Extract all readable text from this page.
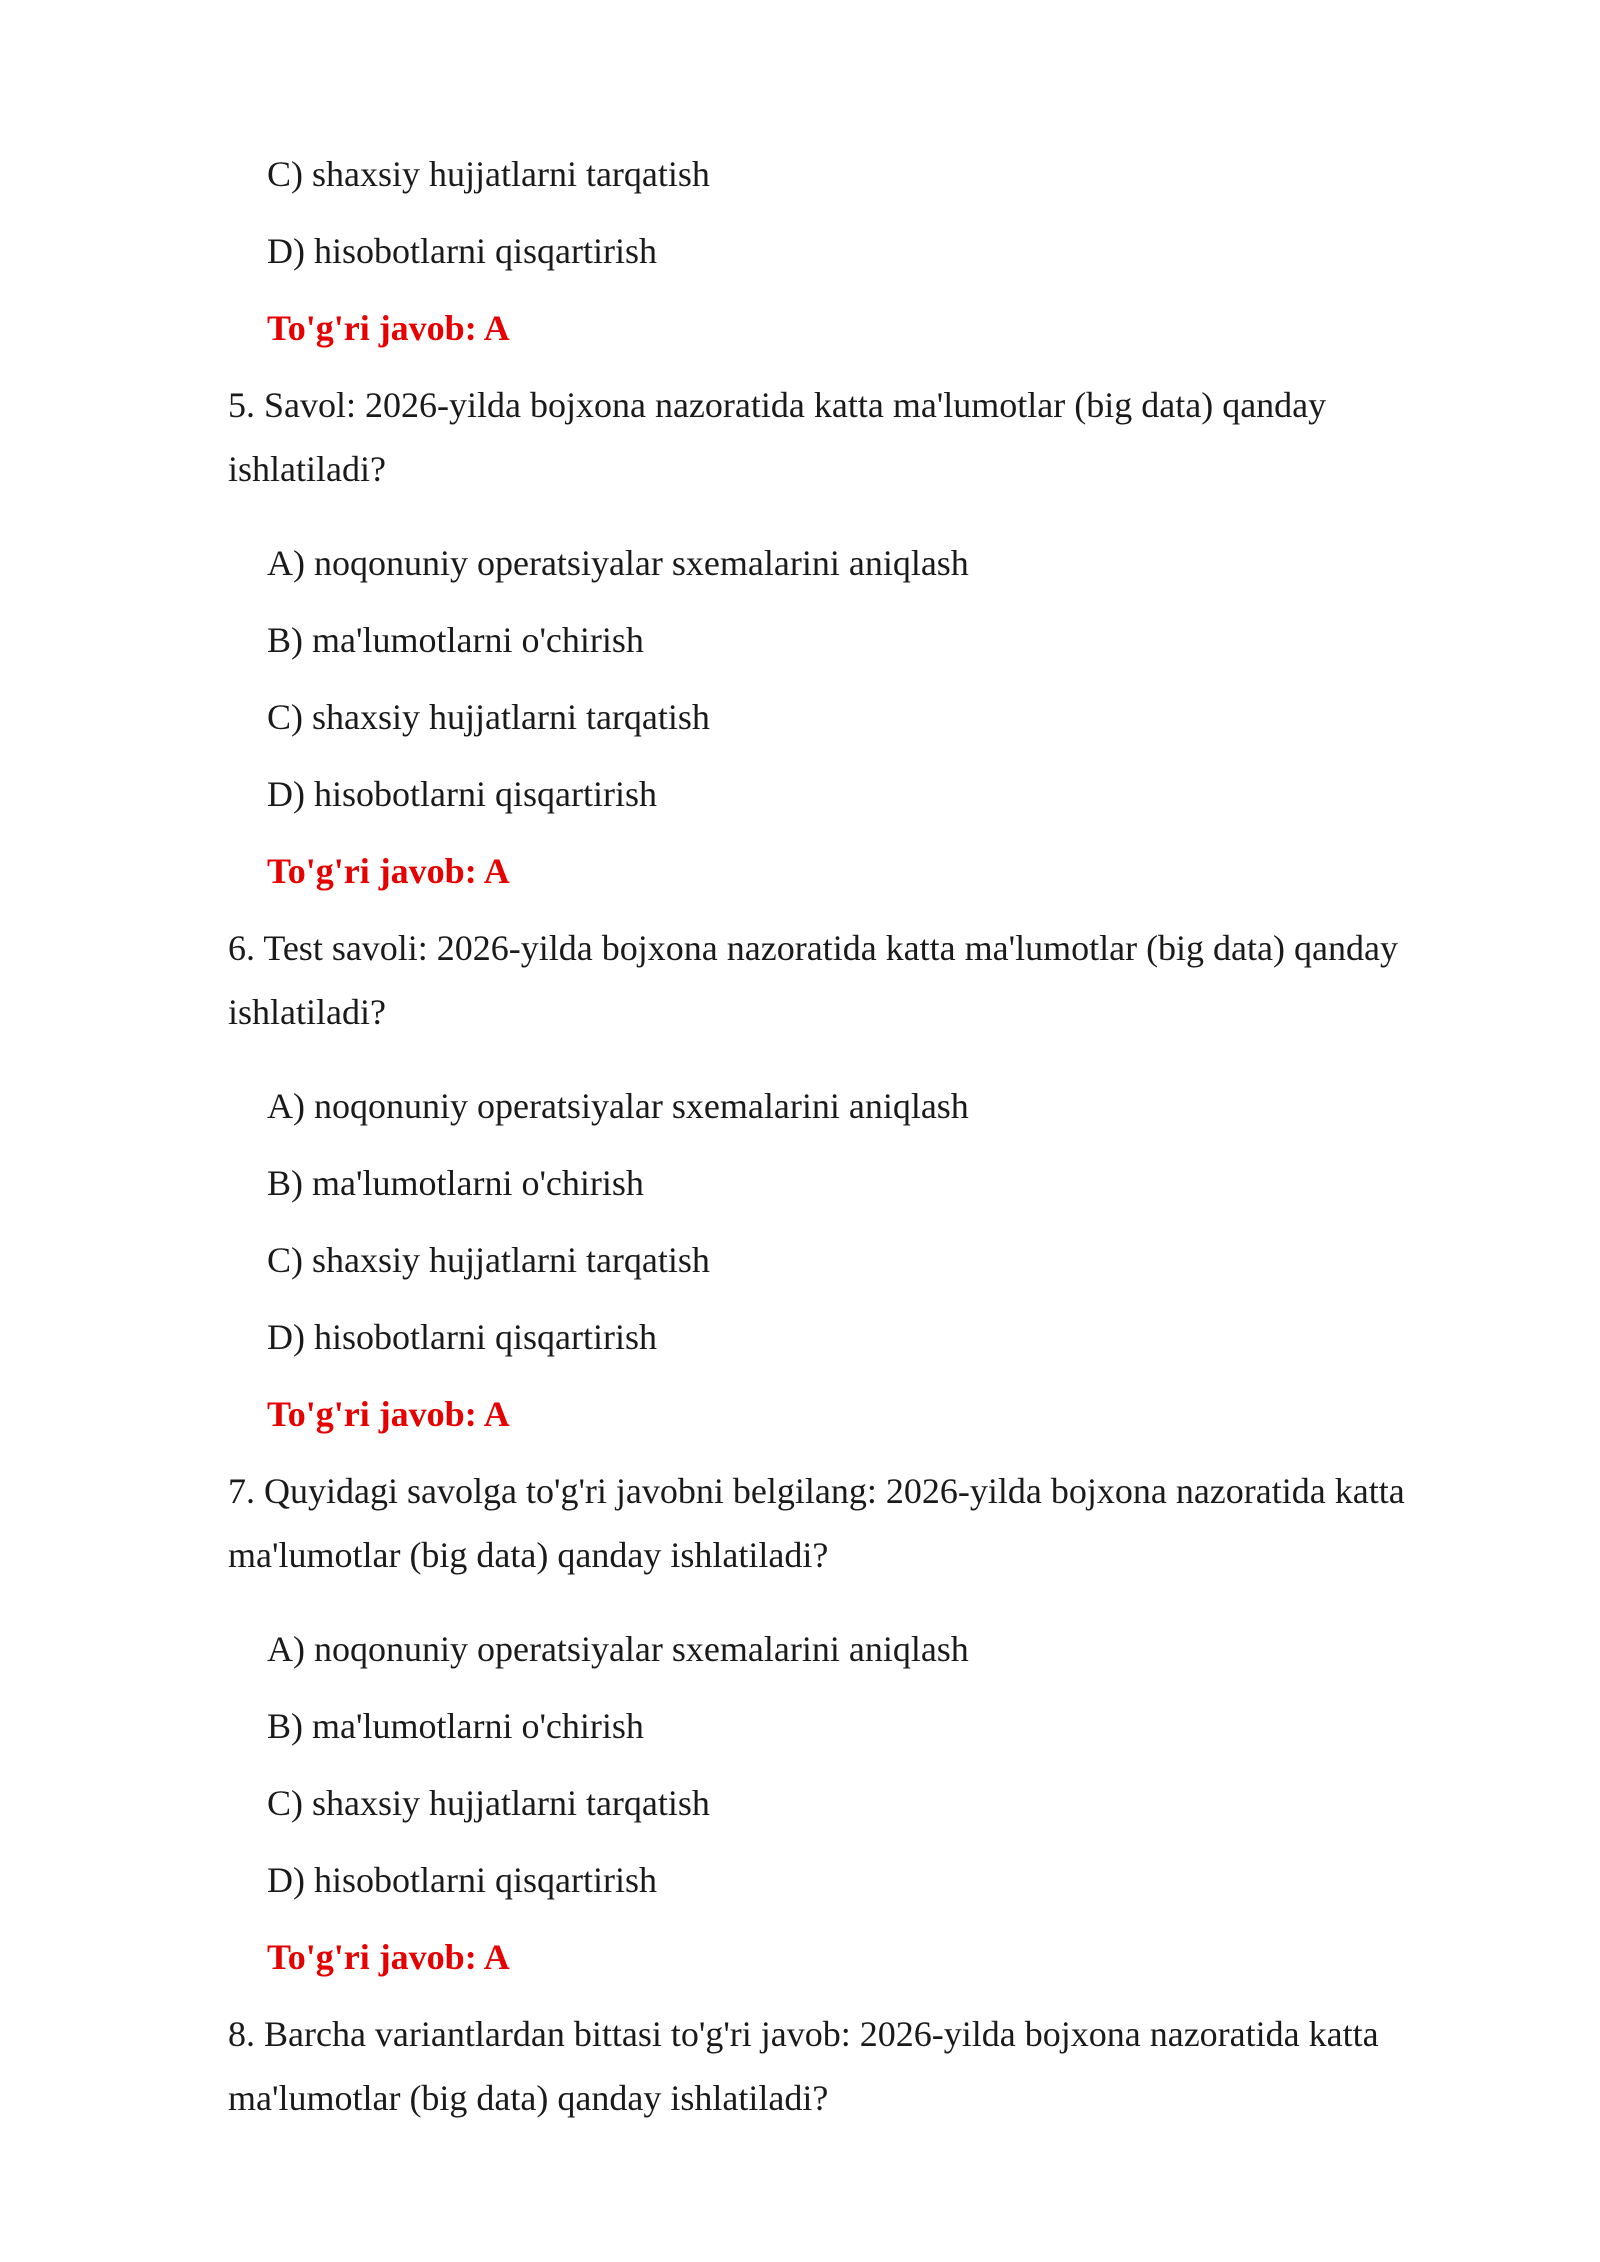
C) shaxsiy hujjatlarni tarqatish
D) hisobotlarni qisqartirish
To'g'ri javob: A
5. Savol: 2026-yilda bojxona nazoratida katta ma'lumotlar (big data) qanday
ishlatiladi?
A) noqonuniy operatsiyalar sxemalarini aniqlash
B) ma'lumotlarni o'chirish
C) shaxsiy hujjatlarni tarqatish
D) hisobotlarni qisqartirish
To'g'ri javob: A
6. Test savoli: 2026-yilda bojxona nazoratida katta ma'lumotlar (big data) qanday
ishlatiladi?
A) noqonuniy operatsiyalar sxemalarini aniqlash
B) ma'lumotlarni o'chirish
C) shaxsiy hujjatlarni tarqatish
D) hisobotlarni qisqartirish
To'g'ri javob: A
7. Quyidagi savolga to'g'ri javobni belgilang: 2026-yilda bojxona nazoratida katta
ma'lumotlar (big data) qanday ishlatiladi?
A) noqonuniy operatsiyalar sxemalarini aniqlash
B) ma'lumotlarni o'chirish
C) shaxsiy hujjatlarni tarqatish
D) hisobotlarni qisqartirish
To'g'ri javob: A
8. Barcha variantlardan bittasi to'g'ri javob: 2026-yilda bojxona nazoratida katta
ma'lumotlar (big data) qanday ishlatiladi?
